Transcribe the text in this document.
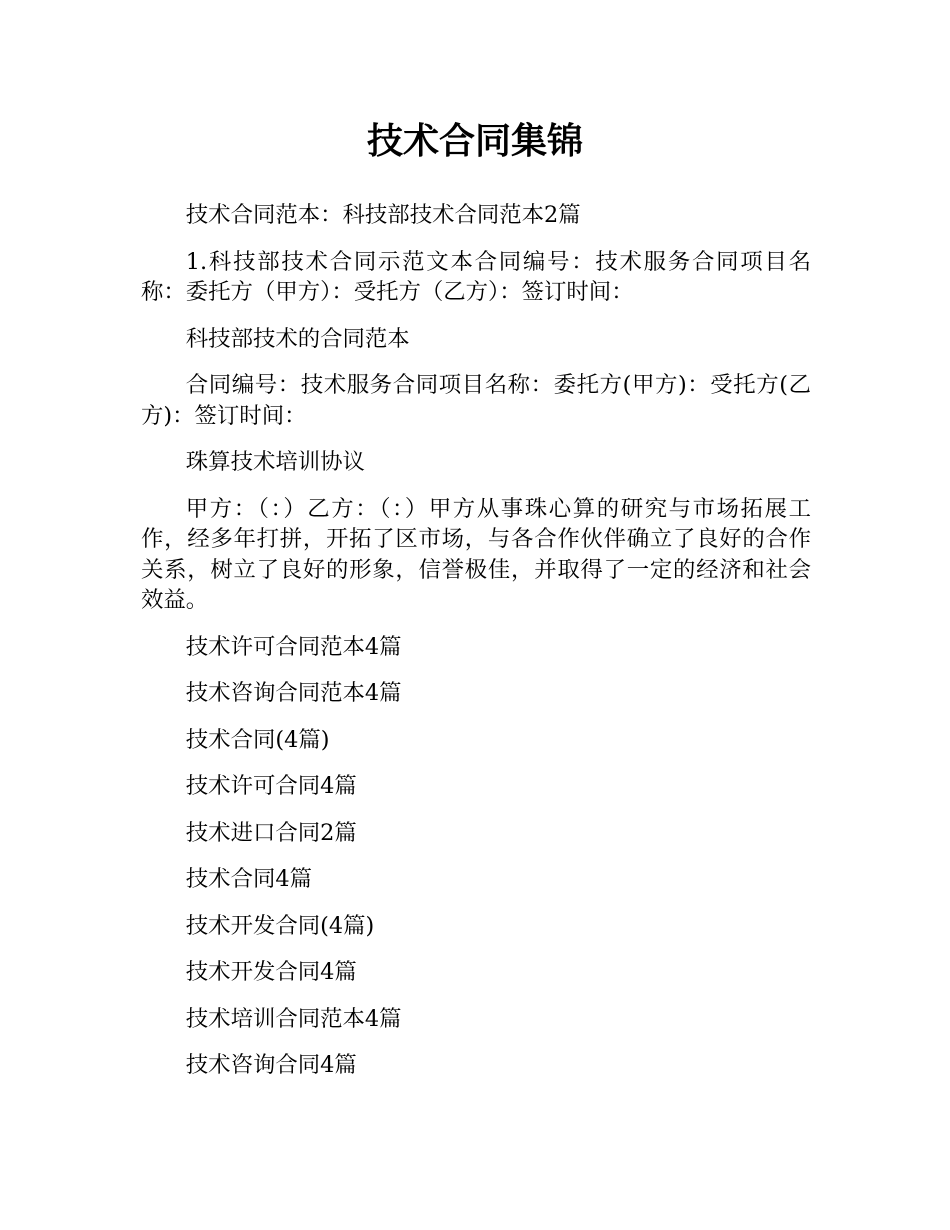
技术合同集锦

技术合同范本：科技部技术合同范本2篇

1.科技部技术合同示范文本合同编号：技术服务合同项目名称：委托方（甲方）：受托方（乙方）：签订时间：

科技部技术的合同范本

合同编号：技术服务合同项目名称：委托方(甲方)：受托方(乙方)：签订时间：

珠算技术培训协议

甲方：（：）乙方：（：）甲方从事珠心算的研究与市场拓展工作，经多年打拼，开拓了区市场，与各合作伙伴确立了良好的合作关系，树立了良好的形象，信誉极佳，并取得了一定的经济和社会效益。

技术许可合同范本4篇

技术咨询合同范本4篇

技术合同(4篇)

技术许可合同4篇

技术进口合同2篇

技术合同4篇

技术开发合同(4篇)

技术开发合同4篇

技术培训合同范本4篇

技术咨询合同4篇
